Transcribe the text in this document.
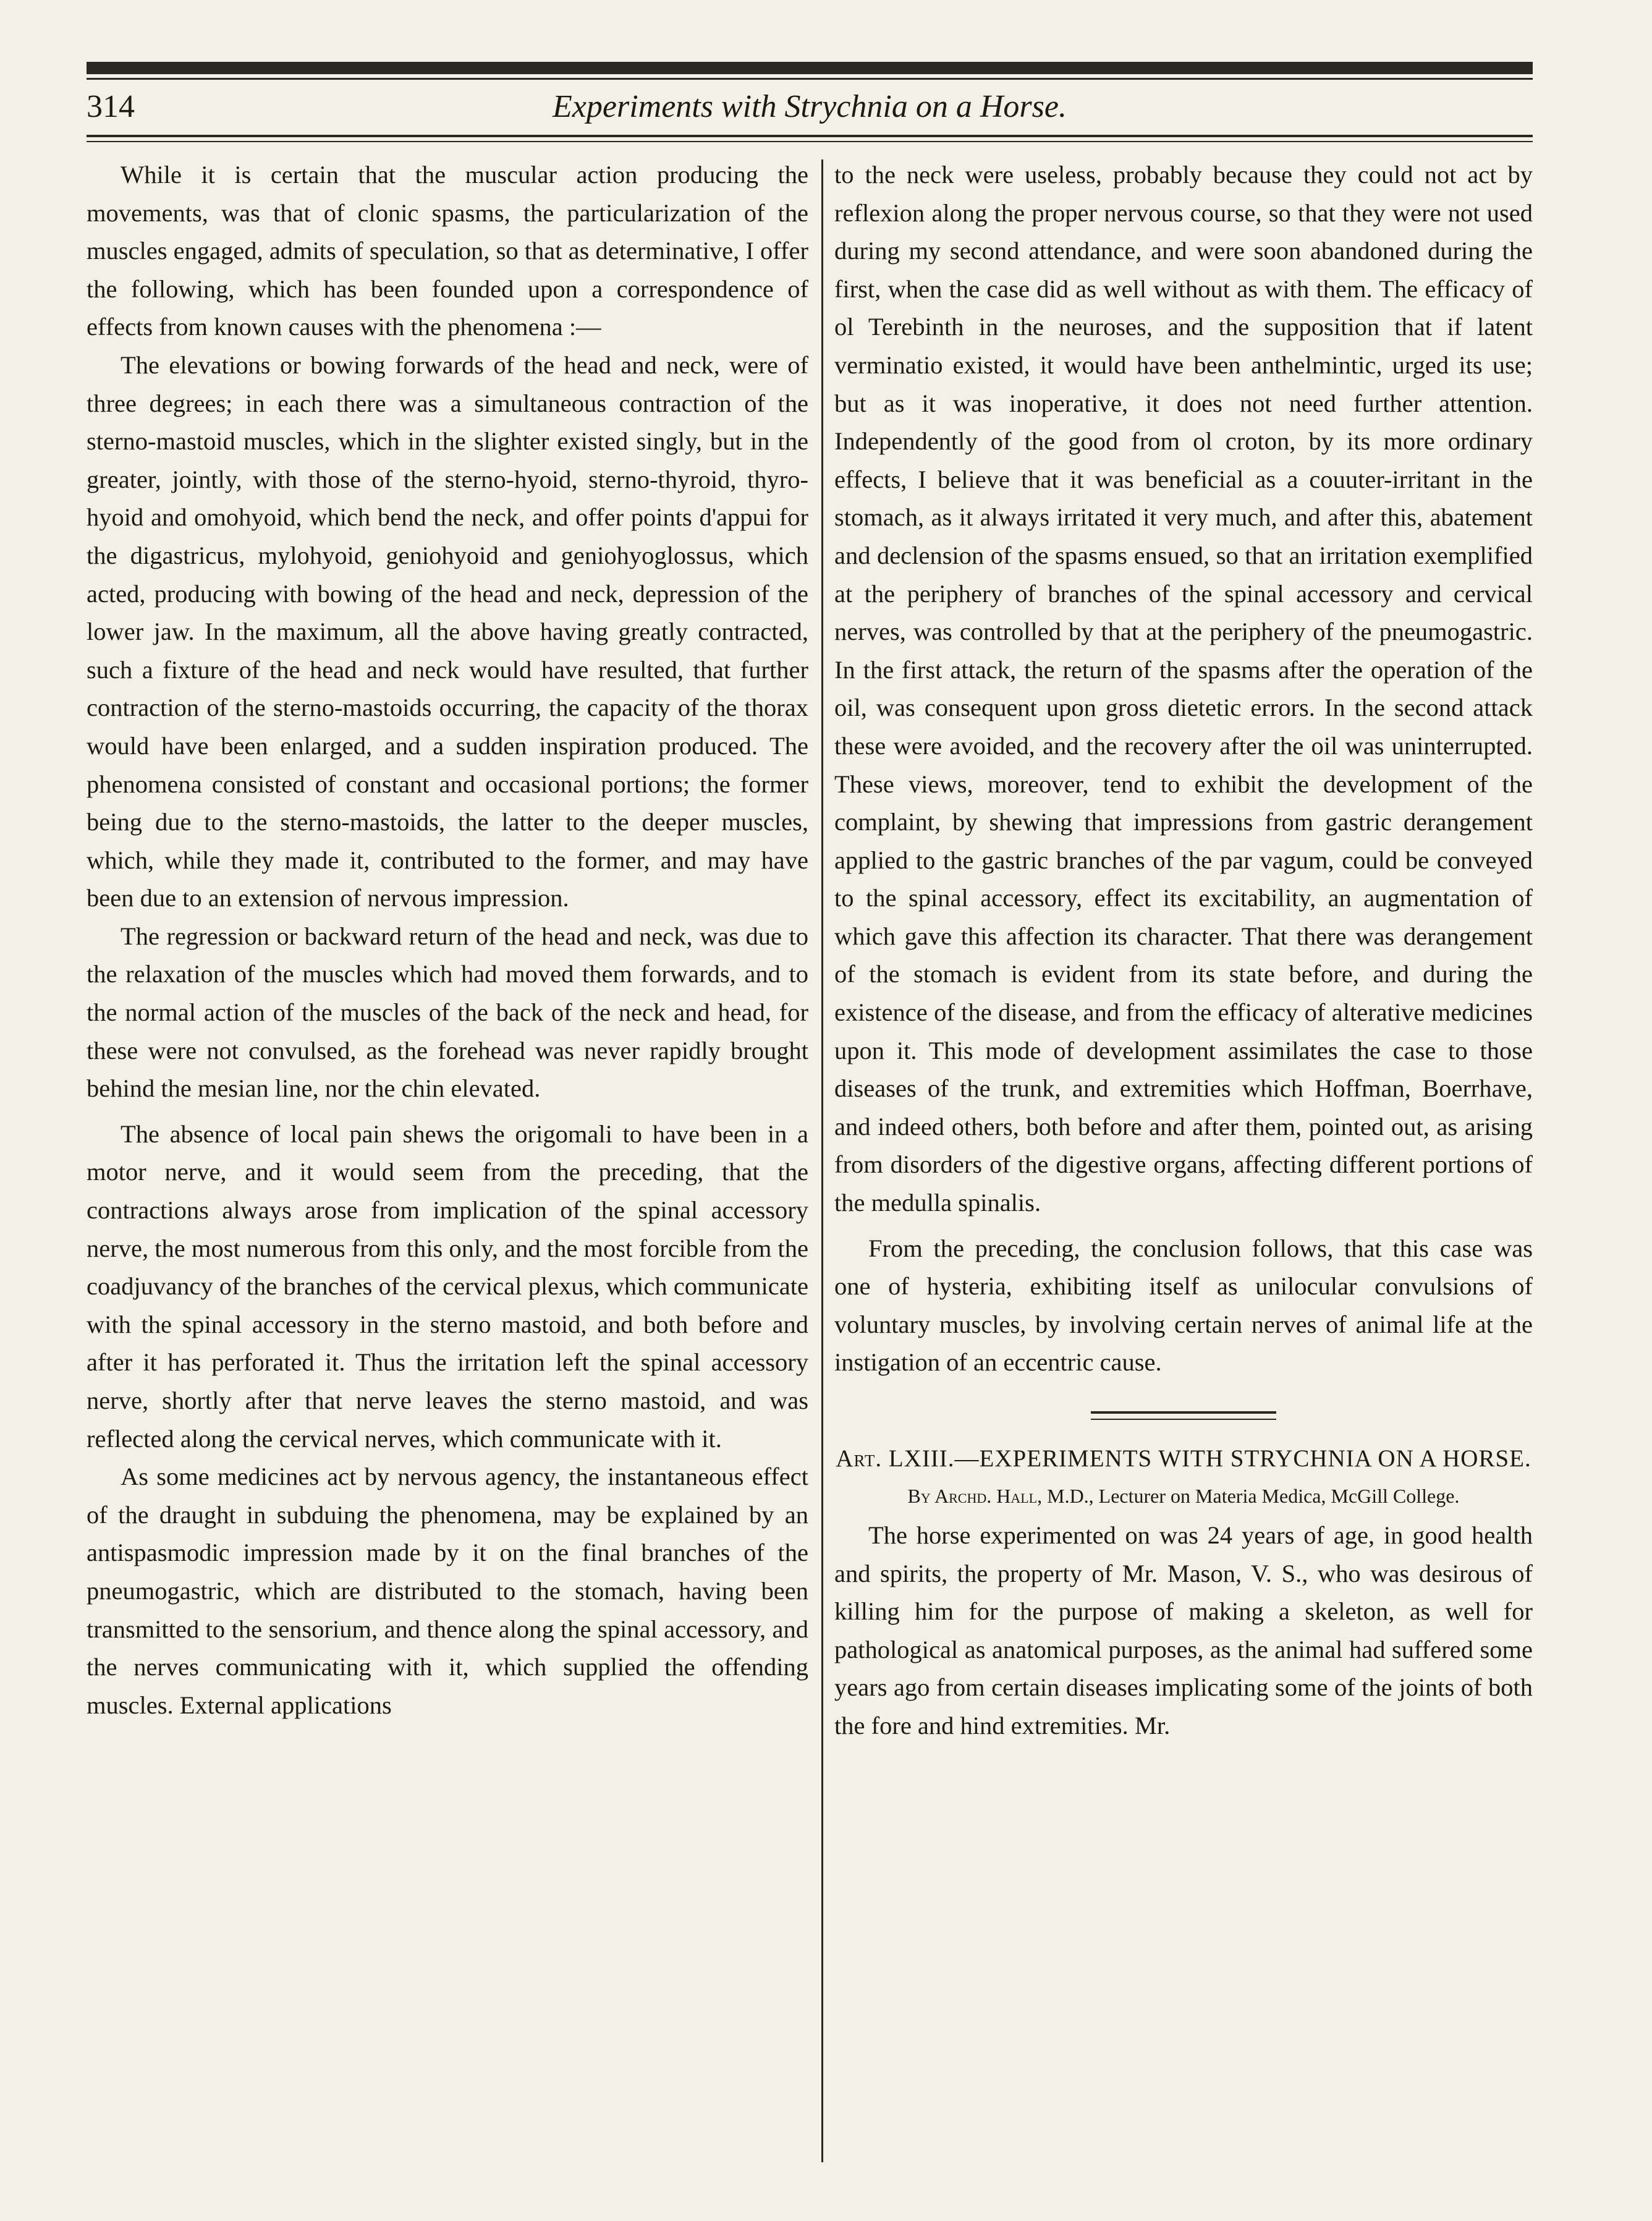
314	Experiments with Strychnia on a Horse.

While it is certain that the muscular action producing the movements, was that of clonic spasms, the particularization of the muscles engaged, admits of speculation, so that as determinative, I offer the following, which has been founded upon a correspondence of effects from known causes with the phenomena :—

The elevations or bowing forwards of the head and neck, were of three degrees; in each there was a simultaneous contraction of the sterno-mastoid muscles, which in the slighter existed singly, but in the greater, jointly, with those of the sterno-hyoid, sterno-thyroid, thyro-hyoid and omohyoid, which bend the neck, and offer points d'appui for the digastricus, mylohyoid, geniohyoid and geniohyoglossus, which acted, producing with bowing of the head and neck, depression of the lower jaw. In the maximum, all the above having greatly contracted, such a fixture of the head and neck would have resulted, that further contraction of the sterno-mastoids occurring, the capacity of the thorax would have been enlarged, and a sudden inspiration produced. The phenomena consisted of constant and occasional portions; the former being due to the sterno-mastoids, the latter to the deeper muscles, which, while they made it, contributed to the former, and may have been due to an extension of nervous impression.

The regression or backward return of the head and neck, was due to the relaxation of the muscles which had moved them forwards, and to the normal action of the muscles of the back of the neck and head, for these were not convulsed, as the forehead was never rapidly brought behind the mesian line, nor the chin elevated.

The absence of local pain shews the origomali to have been in a motor nerve, and it would seem from the preceding, that the contractions always arose from implication of the spinal accessory nerve, the most numerous from this only, and the most forcible from the coadjuvancy of the branches of the cervical plexus, which communicate with the spinal accessory in the sterno mastoid, and both before and after it has perforated it. Thus the irritation left the spinal accessory nerve, shortly after that nerve leaves the sterno mastoid, and was reflected along the cervical nerves, which communicate with it.

As some medicines act by nervous agency, the instantaneous effect of the draught in subduing the phenomena, may be explained by an antispasmodic impression made by it on the final branches of the pneumogastric, which are distributed to the stomach, having been transmitted to the sensorium, and thence along the spinal accessory, and the nerves communicating with it, which supplied the offending muscles. External applications

to the neck were useless, probably because they could not act by reflexion along the proper nervous course, so that they were not used during my second attendance, and were soon abandoned during the first, when the case did as well without as with them. The efficacy of ol Terebinth in the neuroses, and the supposition that if latent verminatio existed, it would have been anthelmintic, urged its use; but as it was inoperative, it does not need further attention. Independently of the good from ol croton, by its more ordinary effects, I believe that it was beneficial as a couuter-irritant in the stomach, as it always irritated it very much, and after this, abatement and declension of the spasms ensued, so that an irritation exemplified at the periphery of branches of the spinal accessory and cervical nerves, was controlled by that at the periphery of the pneumogastric. In the first attack, the return of the spasms after the operation of the oil, was consequent upon gross dietetic errors. In the second attack these were avoided, and the recovery after the oil was uninterrupted. These views, moreover, tend to exhibit the development of the complaint, by shewing that impressions from gastric derangement applied to the gastric branches of the par vagum, could be conveyed to the spinal accessory, effect its excitability, an augmentation of which gave this affection its character. That there was derangement of the stomach is evident from its state before, and during the existence of the disease, and from the efficacy of alterative medicines upon it. This mode of development assimilates the case to those diseases of the trunk, and extremities which Hoffman, Boerrhave, and indeed others, both before and after them, pointed out, as arising from disorders of the digestive organs, affecting different portions of the medulla spinalis.

From the preceding, the conclusion follows, that this case was one of hysteria, exhibiting itself as unilocular convulsions of voluntary muscles, by involving certain nerves of animal life at the instigation of an eccentric cause.

Art. LXIII.—EXPERIMENTS WITH STRYCHNIA ON A HORSE.
By Archd. Hall, M.D., Lecturer on Materia Medica, McGill College.

The horse experimented on was 24 years of age, in good health and spirits, the property of Mr. Mason, V. S., who was desirous of killing him for the purpose of making a skeleton, as well for pathological as anatomical purposes, as the animal had suffered some years ago from certain diseases implicating some of the joints of both the fore and hind extremities. Mr.
